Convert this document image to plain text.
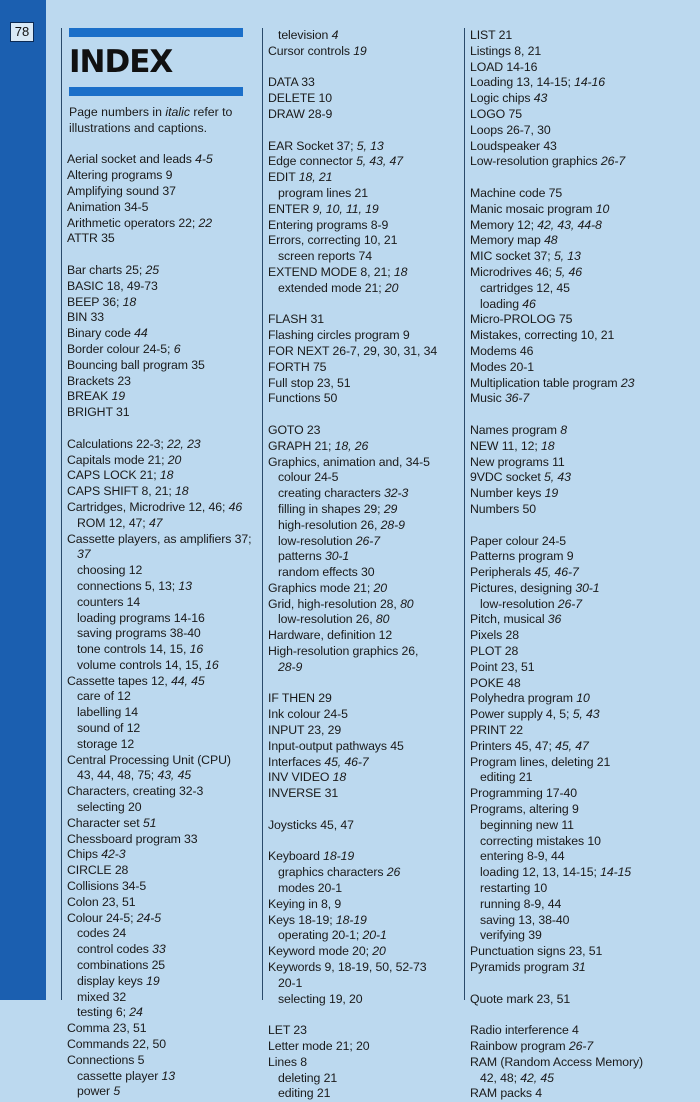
78
INDEX
Page numbers in italic refer to illustrations and captions.
Aerial socket and leads 4-5
Altering programs 9
Amplifying sound 37
Animation 34-5
Arithmetic operators 22; 22
ATTR 35
Bar charts 25; 25
BASIC 18, 49-73
BEEP 36; 18
BIN 33
Binary code 44
Border colour 24-5; 6
Bouncing ball program 35
Brackets 23
BREAK 19
BRIGHT 31
Calculations 22-3; 22, 23
Capitals mode 21; 20
CAPS LOCK 21; 18
CAPS SHIFT 8, 21; 18
Cartridges, Microdrive 12, 46; 46
ROM 12, 47; 47
Cassette players, as amplifiers 37;
37
choosing 12
connections 5, 13; 13
counters 14
loading programs 14-16
saving programs 38-40
tone controls 14, 15, 16
volume controls 14, 15, 16
Cassette tapes 12, 44, 45
care of 12
labelling 14
sound of 12
storage 12
Central Processing Unit (CPU)
43, 44, 48, 75; 43, 45
Characters, creating 32-3
selecting 20
Character set 51
Chessboard program 33
Chips 42-3
CIRCLE 28
Collisions 34-5
Colon 23, 51
Colour 24-5; 24-5
codes 24
control codes 33
combinations 25
display keys 19
mixed 32
testing 6; 24
Comma 23, 51
Commands 22, 50
Connections 5
cassette player 13
power 5
television 4
Cursor controls 19
DATA 33
DELETE 10
DRAW 28-9
EAR Socket 37; 5, 13
Edge connector 5, 43, 47
EDIT 18, 21
program lines 21
ENTER 9, 10, 11, 19
Entering programs 8-9
Errors, correcting 10, 21
screen reports 74
EXTEND MODE 8, 21; 18
extended mode 21; 20
FLASH 31
Flashing circles program 9
FOR NEXT 26-7, 29, 30, 31, 34
FORTH 75
Full stop 23, 51
Functions 50
GOTO 23
GRAPH 21; 18, 26
Graphics, animation and, 34-5
colour 24-5
creating characters 32-3
filling in shapes 29; 29
high-resolution 26, 28-9
low-resolution 26-7
patterns 30-1
random effects 30
Graphics mode 21; 20
Grid, high-resolution 28, 80
low-resolution 26, 80
Hardware, definition 12
High-resolution graphics 26,
28-9
IF THEN 29
Ink colour 24-5
INPUT 23, 29
Input-output pathways 45
Interfaces 45, 46-7
INV VIDEO 18
INVERSE 31
Joysticks 45, 47
Keyboard 18-19
graphics characters 26
modes 20-1
Keying in 8, 9
Keys 18-19; 18-19
operating 20-1; 20-1
Keyword mode 20; 20
Keywords 9, 18-19, 50, 52-73
20-1
selecting 19, 20
LET 23
Letter mode 21; 20
Lines 8
deleting 21
editing 21
LIST 21
Listings 8, 21
LOAD 14-16
Loading 13, 14-15; 14-16
Logic chips 43
LOGO 75
Loops 26-7, 30
Loudspeaker 43
Low-resolution graphics 26-7
Machine code 75
Manic mosaic program 10
Memory 12; 42, 43, 44-8
Memory map 48
MIC socket 37; 5, 13
Microdrives 46; 5, 46
cartridges 12, 45
loading 46
Micro-PROLOG 75
Mistakes, correcting 10, 21
Modems 46
Modes 20-1
Multiplication table program 23
Music 36-7
Names program 8
NEW 11, 12; 18
New programs 11
9VDC socket 5, 43
Number keys 19
Numbers 50
Paper colour 24-5
Patterns program 9
Peripherals 45, 46-7
Pictures, designing 30-1
low-resolution 26-7
Pitch, musical 36
Pixels 28
PLOT 28
Point 23, 51
POKE 48
Polyhedra program 10
Power supply 4, 5; 5, 43
PRINT 22
Printers 45, 47; 45, 47
Program lines, deleting 21
editing 21
Programming 17-40
Programs, altering 9
beginning new 11
correcting mistakes 10
entering 8-9, 44
loading 12, 13, 14-15; 14-15
restarting 10
running 8-9, 44
saving 13, 38-40
verifying 39
Punctuation signs 23, 51
Pyramids program 31
Quote mark 23, 51
Radio interference 4
Rainbow program 26-7
RAM (Random Access Memory)
42, 48; 42, 45
RAM packs 4
